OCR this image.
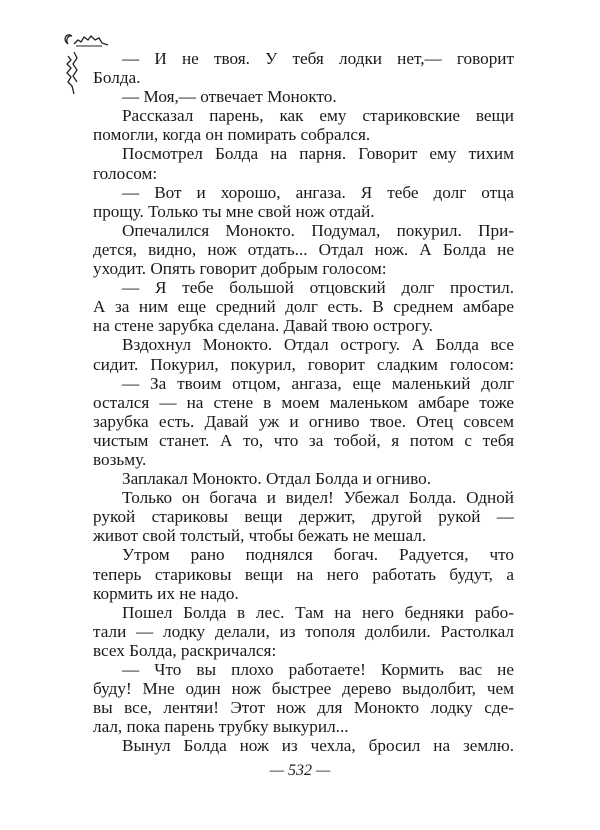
— И не твоя. У тебя лодки нет,— говорит
Болда.
— Моя,— отвечает Монокто.
Рассказал парень, как ему стариковские вещи
помогли, когда он помирать собрался.
Посмотрел Болда на парня. Говорит ему тихим
голосом:
— Вот и хорошо, ангаза. Я тебе долг отца
прощу. Только ты мне свой нож отдай.
Опечалился Монокто. Подумал, покурил. При-
дется, видно, нож отдать... Отдал нож. А Болда не
уходит. Опять говорит добрым голосом:
— Я тебе большой отцовский долг простил.
А за ним еще средний долг есть. В среднем амбаре
на стене зарубка сделана. Давай твою острогу.
Вздохнул Монокто. Отдал острогу. А Болда все
сидит. Покурил, покурил, говорит сладким голосом:
— За твоим отцом, ангаза, еще маленький долг
остался — на стене в моем маленьком амбаре тоже
зарубка есть. Давай уж и огниво твое. Отец совсем
чистым станет. А то, что за тобой, я потом с тебя
возьму.
Заплакал Монокто. Отдал Болда и огниво.
Только он богача и видел! Убежал Болда. Одной
рукой стариковы вещи держит, другой рукой —
живот свой толстый, чтобы бежать не мешал.
Утром рано поднялся богач. Радуется, что
теперь стариковы вещи на него работать будут, а
кормить их не надо.
Пошел Болда в лес. Там на него бедняки рабо-
тали — лодку делали, из тополя долбили. Растолкал
всех Болда, раскричался:
— Что вы плохо работаете! Кормить вас не
буду! Мне один нож быстрее дерево выдолбит, чем
вы все, лентяи! Этот нож для Монокто лодку сде-
лал, пока парень трубку выкурил...
Вынул Болда нож из чехла, бросил на землю.
— 532 —
